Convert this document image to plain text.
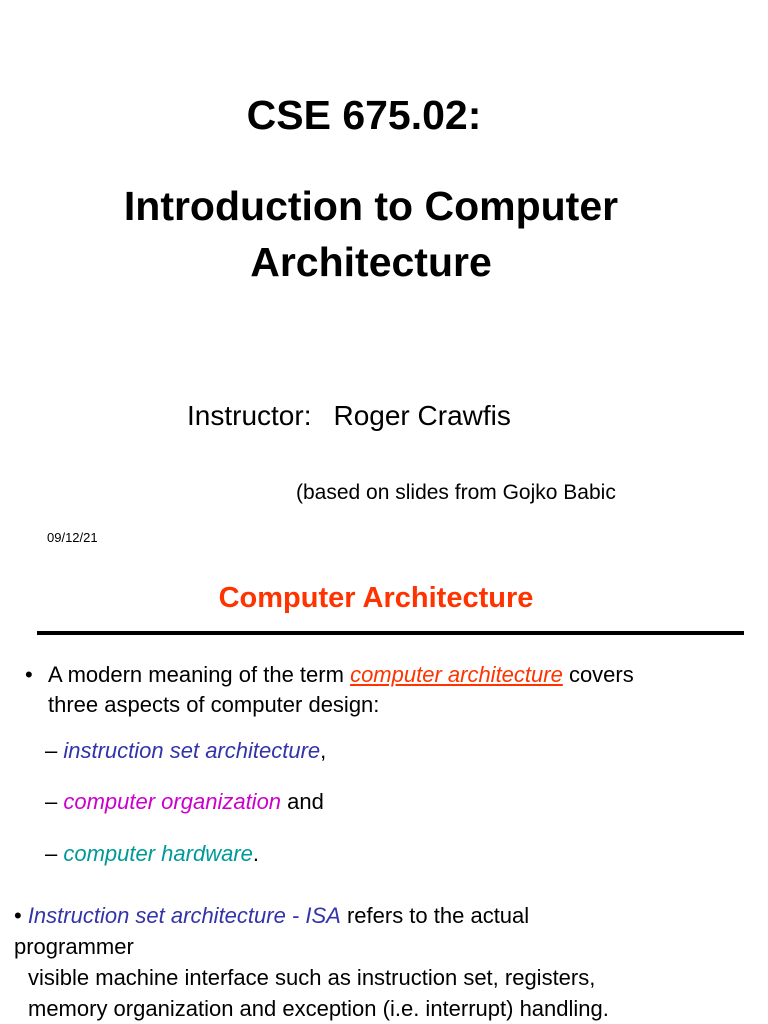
CSE 675.02:
Introduction to Computer Architecture
Instructor: Roger Crawfis
(based on slides from Gojko Babic
09/12/21
Computer Architecture
• A modern meaning of the term computer architecture covers
three aspects of computer design:
– instruction set architecture,
– computer organization and
– computer hardware.
• Instruction set architecture - ISA refers to the actual
programmer
visible machine interface such as instruction set, registers,
memory organization and exception (i.e. interrupt) handling.
